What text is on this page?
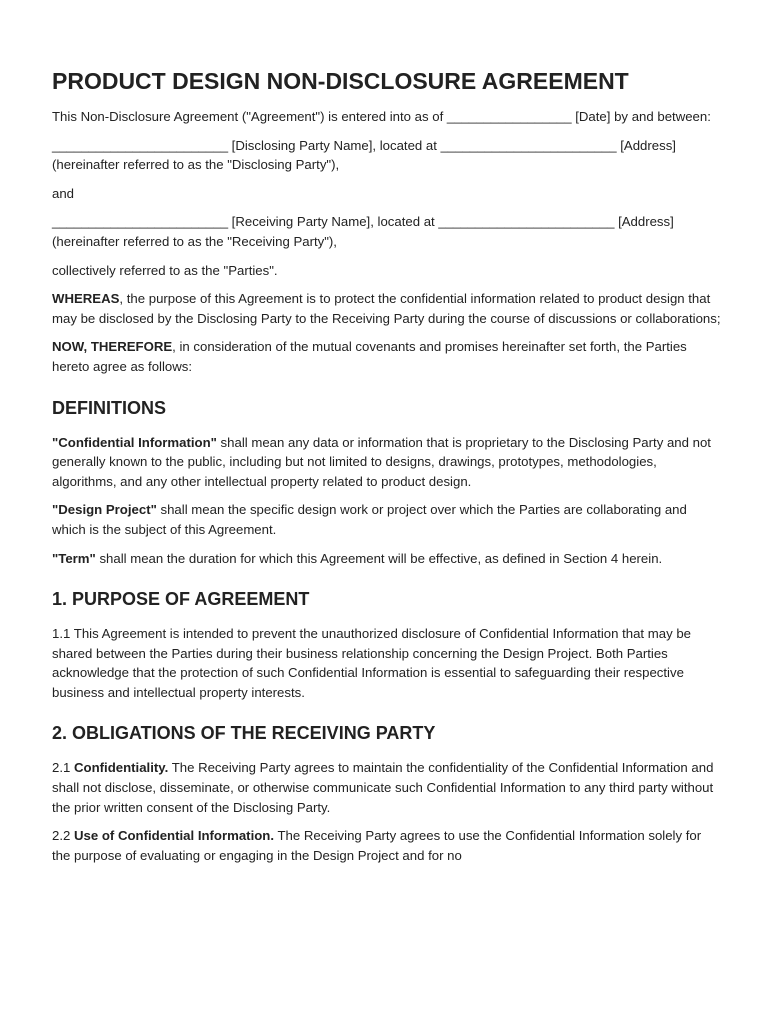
PRODUCT DESIGN NON-DISCLOSURE AGREEMENT

This Non-Disclosure Agreement ("Agreement") is entered into as of _________________ [Date] by and between:

________________________ [Disclosing Party Name], located at ________________________ [Address] (hereinafter referred to as the "Disclosing Party"),

and

________________________ [Receiving Party Name], located at ________________________ [Address] (hereinafter referred to as the "Receiving Party"),

collectively referred to as the "Parties".

WHEREAS, the purpose of this Agreement is to protect the confidential information related to product design that may be disclosed by the Disclosing Party to the Receiving Party during the course of discussions or collaborations;

NOW, THEREFORE, in consideration of the mutual covenants and promises hereinafter set forth, the Parties hereto agree as follows:

DEFINITIONS

"Confidential Information" shall mean any data or information that is proprietary to the Disclosing Party and not generally known to the public, including but not limited to designs, drawings, prototypes, methodologies, algorithms, and any other intellectual property related to product design.

"Design Project" shall mean the specific design work or project over which the Parties are collaborating and which is the subject of this Agreement.

"Term" shall mean the duration for which this Agreement will be effective, as defined in Section 4 herein.

1. PURPOSE OF AGREEMENT

1.1 This Agreement is intended to prevent the unauthorized disclosure of Confidential Information that may be shared between the Parties during their business relationship concerning the Design Project. Both Parties acknowledge that the protection of such Confidential Information is essential to safeguarding their respective business and intellectual property interests.

2. OBLIGATIONS OF THE RECEIVING PARTY

2.1 Confidentiality. The Receiving Party agrees to maintain the confidentiality of the Confidential Information and shall not disclose, disseminate, or otherwise communicate such Confidential Information to any third party without the prior written consent of the Disclosing Party.

2.2 Use of Confidential Information. The Receiving Party agrees to use the Confidential Information solely for the purpose of evaluating or engaging in the Design Project and for no
